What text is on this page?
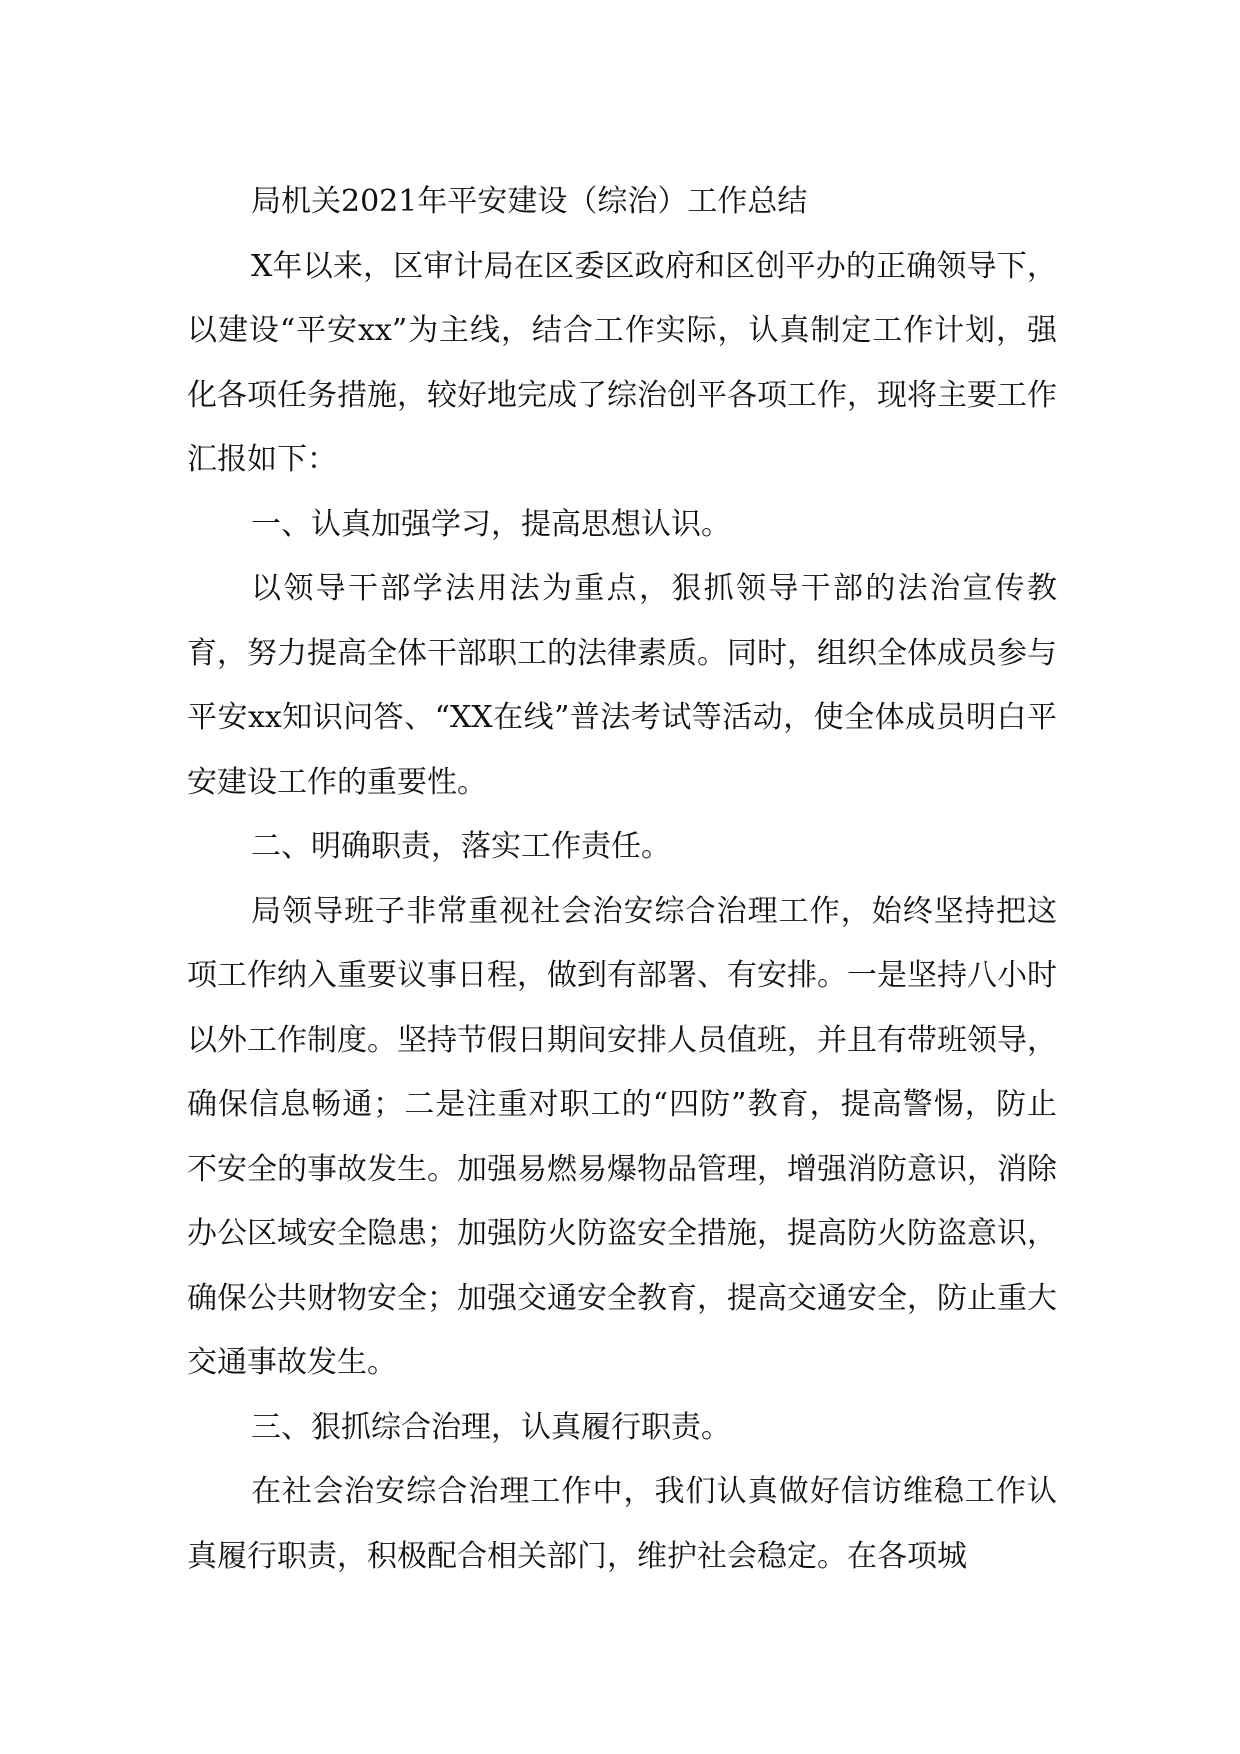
局机关2021年平安建设（综治）工作总结

X年以来，区审计局在区委区政府和区创平办的正确领导下，以建设“平安xx”为主线，结合工作实际，认真制定工作计划，强化各项任务措施，较好地完成了综治创平各项工作，现将主要工作汇报如下：

一、认真加强学习，提高思想认识。

以领导干部学法用法为重点，狠抓领导干部的法治宣传教育，努力提高全体干部职工的法律素质。同时，组织全体成员参与平安xx知识问答、“XX在线”普法考试等活动，使全体成员明白平安建设工作的重要性。

二、明确职责，落实工作责任。

局领导班子非常重视社会治安综合治理工作，始终坚持把这项工作纳入重要议事日程，做到有部署、有安排。一是坚持八小时以外工作制度。坚持节假日期间安排人员值班，并且有带班领导，确保信息畅通；二是注重对职工的“四防”教育，提高警惕，防止不安全的事故发生。加强易燃易爆物品管理，增强消防意识，消除办公区域安全隐患；加强防火防盗安全措施，提高防火防盗意识，确保公共财物安全；加强交通安全教育，提高交通安全，防止重大交通事故发生。

三、狠抓综合治理，认真履行职责。

在社会治安综合治理工作中，我们认真做好信访维稳工作认真履行职责，积极配合相关部门，维护社会稳定。在各项城
